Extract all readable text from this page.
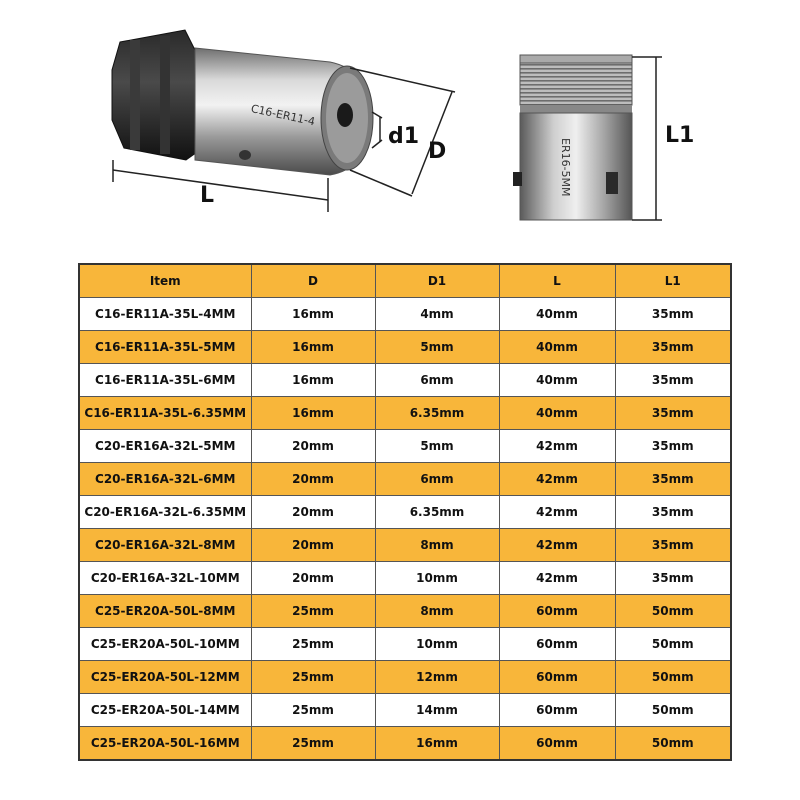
C16-ER11-4
d1
D
L	ER16-5MM
L1
Item	D	D1	L	L1
C16-ER11A-35L-4MM	16mm	4mm	40mm	35mm
C16-ER11A-35L-5MM	16mm	5mm	40mm	35mm
C16-ER11A-35L-6MM	16mm	6mm	40mm	35mm
C16-ER11A-35L-6.35MM	16mm	6.35mm	40mm	35mm
C20-ER16A-32L-5MM	20mm	5mm	42mm	35mm
C20-ER16A-32L-6MM	20mm	6mm	42mm	35mm
C20-ER16A-32L-6.35MM	20mm	6.35mm	42mm	35mm
C20-ER16A-32L-8MM	20mm	8mm	42mm	35mm
C20-ER16A-32L-10MM	20mm	10mm	42mm	35mm
C25-ER20A-50L-8MM	25mm	8mm	60mm	50mm
C25-ER20A-50L-10MM	25mm	10mm	60mm	50mm
C25-ER20A-50L-12MM	25mm	12mm	60mm	50mm
C25-ER20A-50L-14MM	25mm	14mm	60mm	50mm
C25-ER20A-50L-16MM	25mm	16mm	60mm	50mm
